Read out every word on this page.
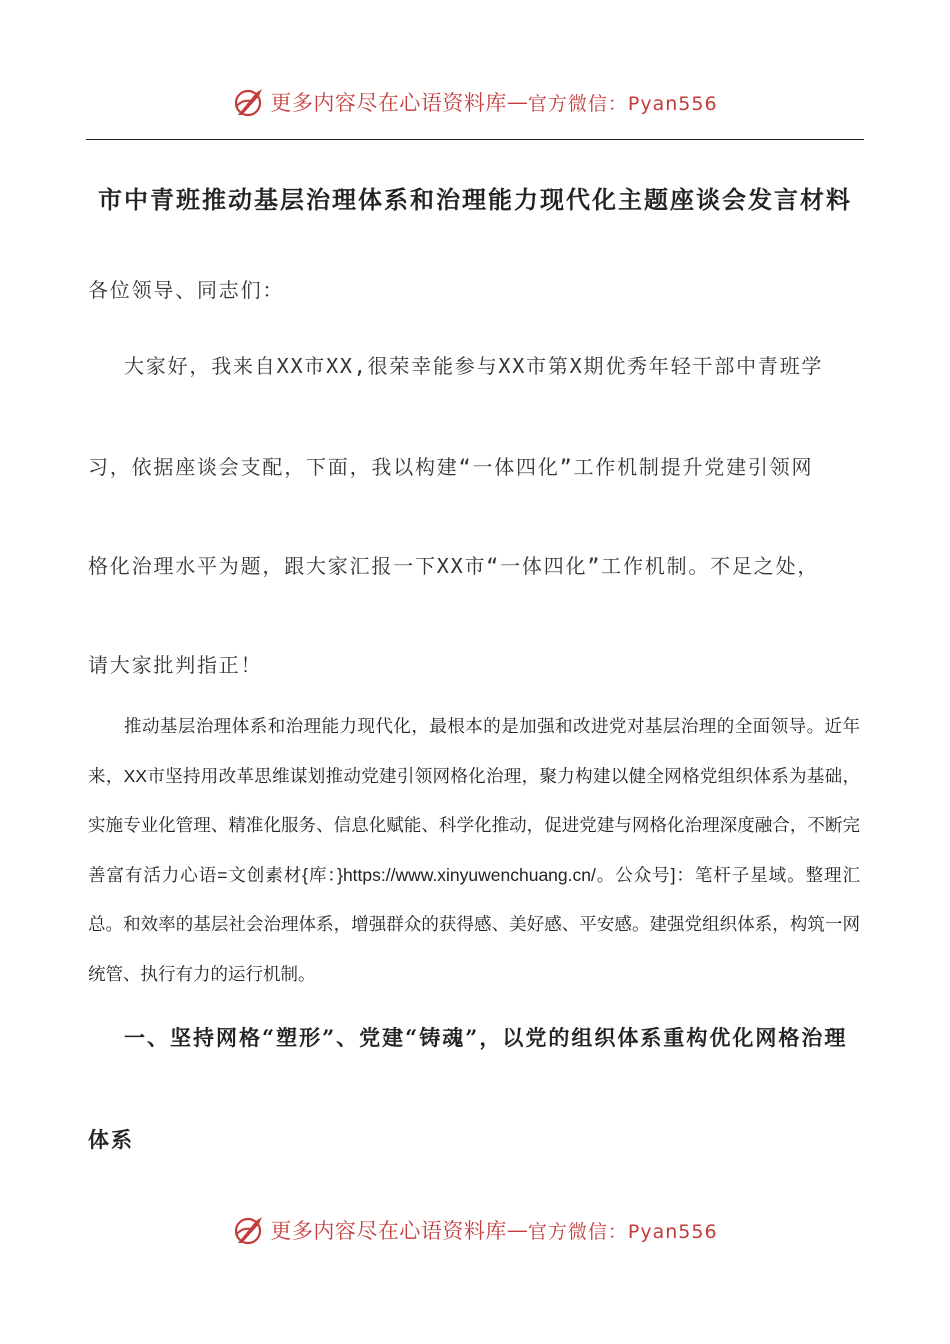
更多内容尽在心语资料库 — 官方微信：Pyan556
市中青班推动基层治理体系和治理能力现代化主题座谈会发言材料
各位领导、同志们：
大家好，我来自XX市XX,很荣幸能参与XX市第X期优秀年轻干部中青班学
习，依据座谈会支配，下面，我以构建“一体四化”工作机制提升党建引领网
格化治理水平为题，跟大家汇报一下XX市“一体四化”工作机制。不足之处，
请大家批判指正！
推动基层治理体系和治理能力现代化，最根本的是加强和改进党对基层治理的全面领导。近年来，XX市坚持用改革思维谋划推动党建引领网格化治理，聚力构建以健全网格党组织体系为基础，实施专业化管理、精准化服务、信息化赋能、科学化推动，促进党建与网格化治理深度融合，不断完善富有活力心语=文创素材{库：}https://www.xinyuwenchuang.cn/。公众号]：笔杆子星域。整理汇总。和效率的基层社会治理体系，增强群众的获得感、美好感、平安感。建强党组织体系，构筑一网统管、执行有力的运行机制。
一、坚持网格“塑形”、党建“铸魂”，以党的组织体系重构优化网格治理
体系
更多内容尽在心语资料库 — 官方微信：Pyan556
